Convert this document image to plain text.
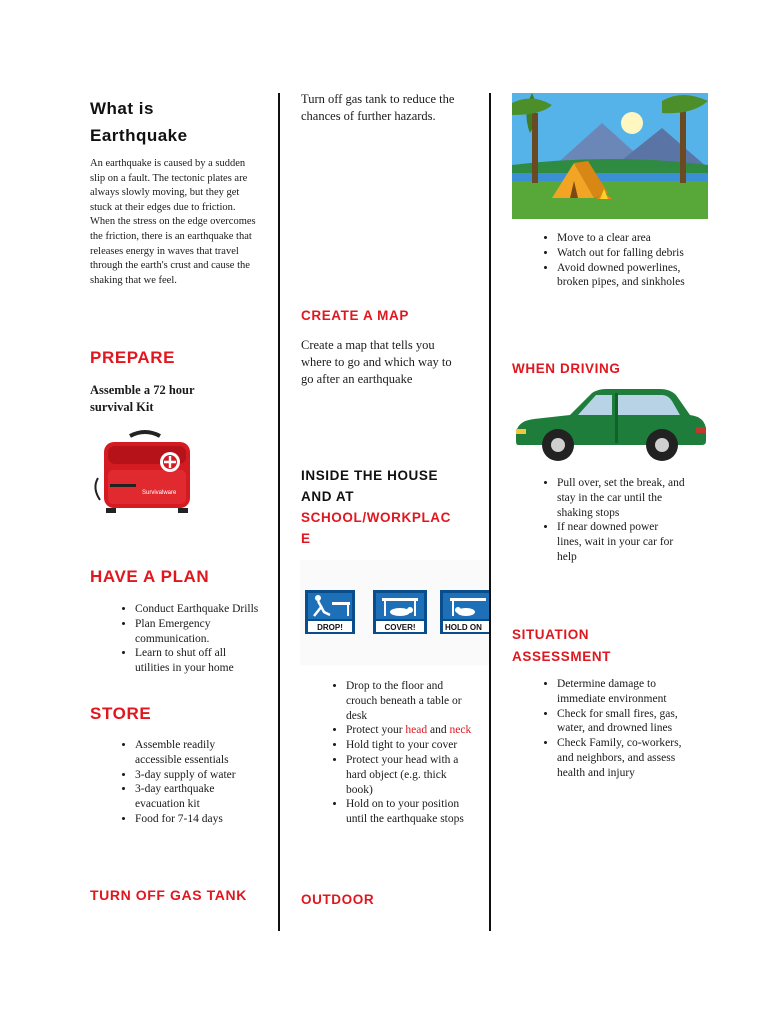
What is
Earthquake
An earthquake is caused by a sudden slip on a fault. The tectonic plates are always slowly moving, but they get stuck at their edges due to friction. When the stress on the edge overcomes the friction, there is an earthquake that releases energy in waves that travel through the earth's crust and cause the shaking that we feel.
PREPARE
Assemble a 72 hour survival Kit
Survivalware
HAVE A PLAN
• Conduct Earthquake Drills
• Plan Emergency communication.
• Learn to shut off all utilities in your home
STORE
• Assemble readily accessible essentials
• 3-day supply of water
• 3-day earthquake evacuation kit
• Food for 7-14 days
TURN OFF GAS TANK
Turn off gas tank to reduce the chances of further hazards.
CREATE A MAP
Create a map that tells you where to go and which way to go after an earthquake
INSIDE THE HOUSE
AND AT
SCHOOL/WORKPLAC
E
DROP!	COVER!	HOLD ON
• Drop to the floor and crouch beneath a table or desk
• Protect your head and neck
• Hold tight to your cover
• Protect your head with a hard object (e.g. thick book)
• Hold on to your position until the earthquake stops
OUTDOOR
• Move to a clear area
• Watch out for falling debris
• Avoid downed powerlines, broken pipes, and sinkholes
WHEN DRIVING
• Pull over, set the break, and stay in the car until the shaking stops
• If near downed power lines, wait in your car for help
SITUATION
ASSESSMENT
• Determine damage to immediate environment
• Check for small fires, gas, water, and drowned lines
• Check Family, co-workers, and neighbors, and assess health and injury
